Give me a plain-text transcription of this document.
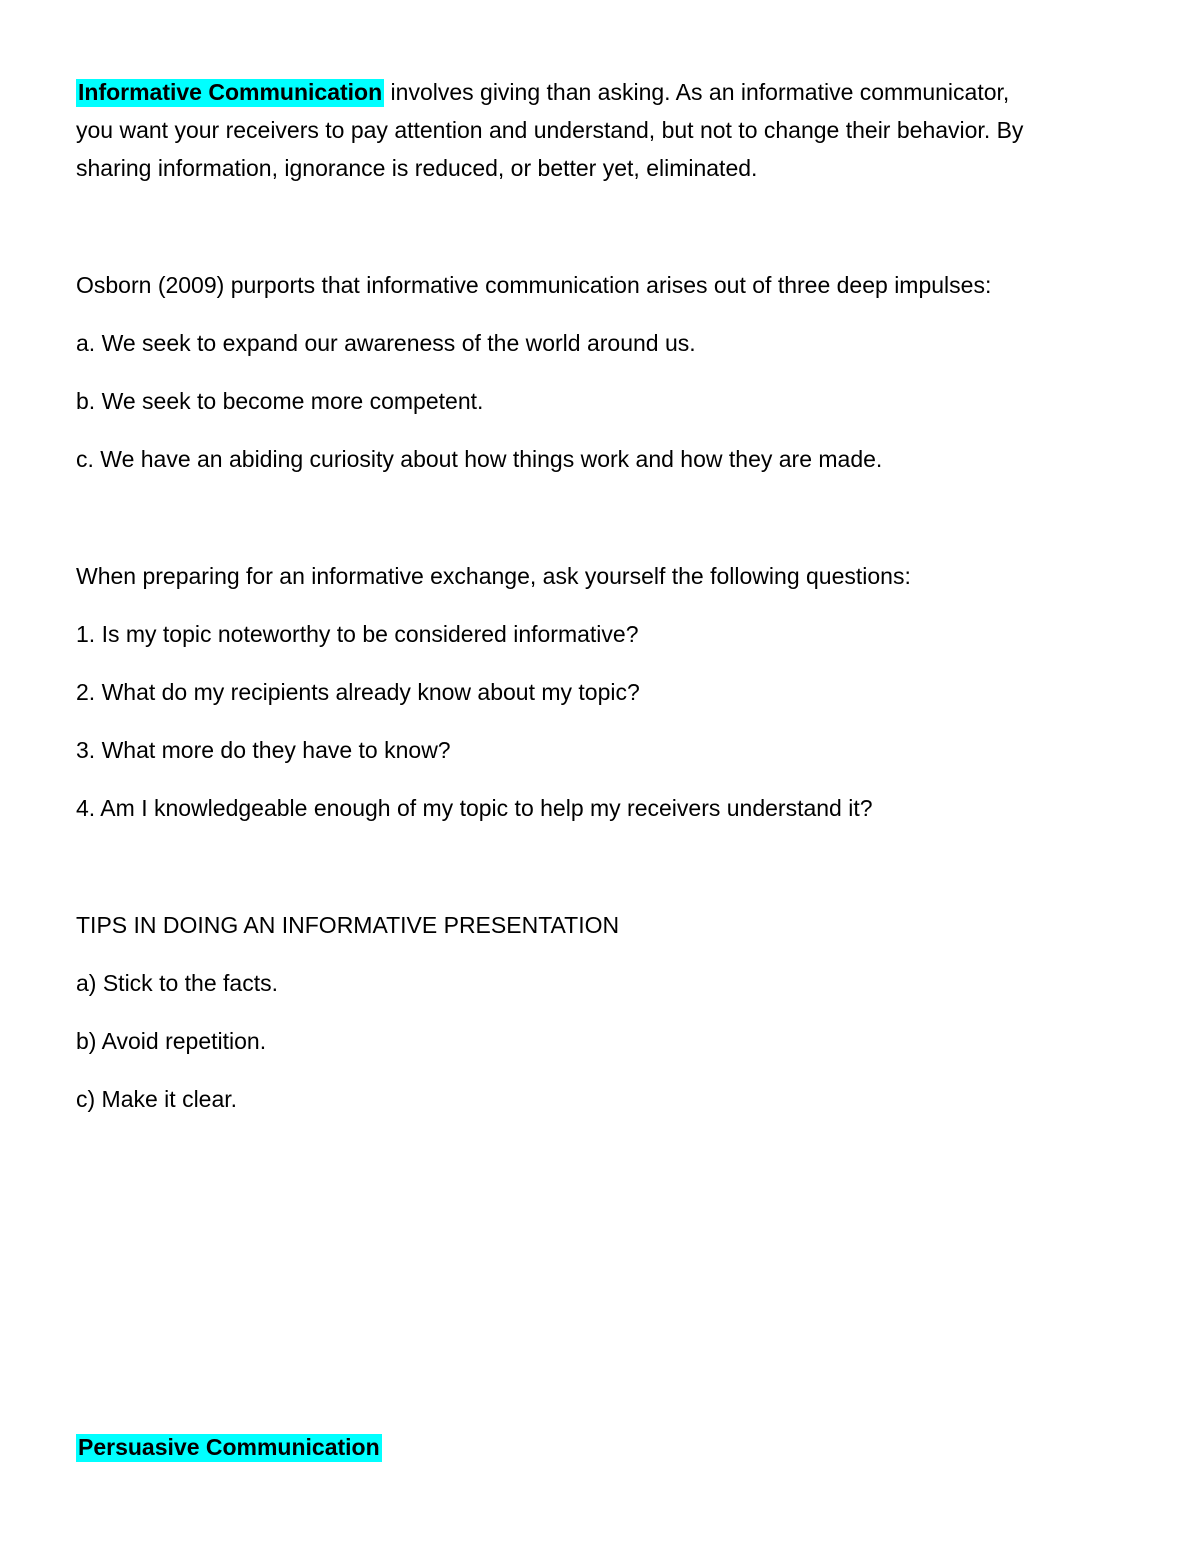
Informative Communication involves giving than asking. As an informative communicator,
you want your receivers to pay attention and understand, but not to change their behavior. By
sharing information, ignorance is reduced, or better yet, eliminated.
Osborn (2009) purports that informative communication arises out of three deep impulses:
a. We seek to expand our awareness of the world around us.
b. We seek to become more competent.
c. We have an abiding curiosity about how things work and how they are made.
When preparing for an informative exchange, ask yourself the following questions:
1. Is my topic noteworthy to be considered informative?
2. What do my recipients already know about my topic?
3. What more do they have to know?
4. Am I knowledgeable enough of my topic to help my receivers understand it?
TIPS IN DOING AN INFORMATIVE PRESENTATION
a) Stick to the facts.
b) Avoid repetition.
c) Make it clear.
Persuasive Communication
